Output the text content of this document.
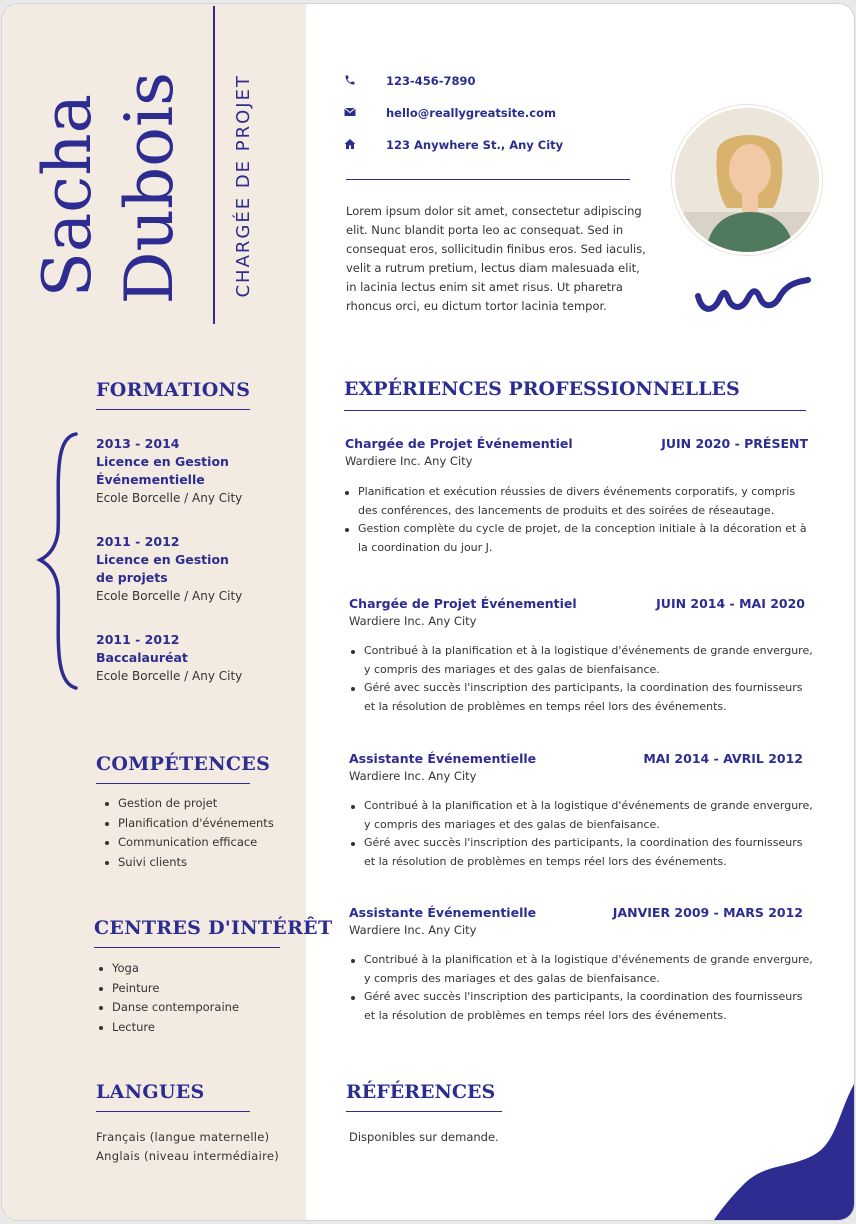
Sacha Dubois	CHARGÉE DE PROJET
FORMATIONS
2013 - 2014
Licence en Gestion Événementielle
Ecole Borcelle / Any City
2011 - 2012
Licence en Gestion de projets
Ecole Borcelle / Any City
2011 - 2012
Baccalauréat
Ecole Borcelle / Any City
COMPÉTENCES
Gestion de projet
Planification d'événements
Communication efficace
Suivi clients
CENTRES D'INTÉRÊT
Yoga
Peinture
Danse contemporaine
Lecture
LANGUES
Français (langue maternelle)
Anglais (niveau intermédiaire)
123-456-7890
hello@reallygreatsite.com
123 Anywhere St., Any City
Lorem ipsum dolor sit amet, consectetur adipiscing elit. Nunc blandit porta leo ac consequat. Sed in consequat eros, sollicitudin finibus eros. Sed iaculis, velit a rutrum pretium, lectus diam malesuada elit, in lacinia lectus enim sit amet risus. Ut pharetra rhoncus orci, eu dictum tortor lacinia tempor.
EXPÉRIENCES PROFESSIONNELLES
Chargée de Projet Événementiel	JUIN 2020 - PRÉSENT
Wardiere Inc. Any City
Planification et exécution réussies de divers événements corporatifs, y compris des conférences, des lancements de produits et des soirées de réseautage.
Gestion complète du cycle de projet, de la conception initiale à la décoration et à la coordination du jour J.
Chargée de Projet Événementiel	JUIN 2014 - MAI 2020
Wardiere Inc. Any City
Contribué à la planification et à la logistique d'événements de grande envergure, y compris des mariages et des galas de bienfaisance.
Géré avec succès l'inscription des participants, la coordination des fournisseurs et la résolution de problèmes en temps réel lors des événements.
Assistante Événementielle	MAI 2014 - AVRIL 2012
Wardiere Inc. Any City
Contribué à la planification et à la logistique d'événements de grande envergure, y compris des mariages et des galas de bienfaisance.
Géré avec succès l'inscription des participants, la coordination des fournisseurs et la résolution de problèmes en temps réel lors des événements.
Assistante Événementielle	JANVIER 2009 - MARS 2012
Wardiere Inc. Any City
Contribué à la planification et à la logistique d'événements de grande envergure, y compris des mariages et des galas de bienfaisance.
Géré avec succès l'inscription des participants, la coordination des fournisseurs et la résolution de problèmes en temps réel lors des événements.
RÉFÉRENCES
Disponibles sur demande.
